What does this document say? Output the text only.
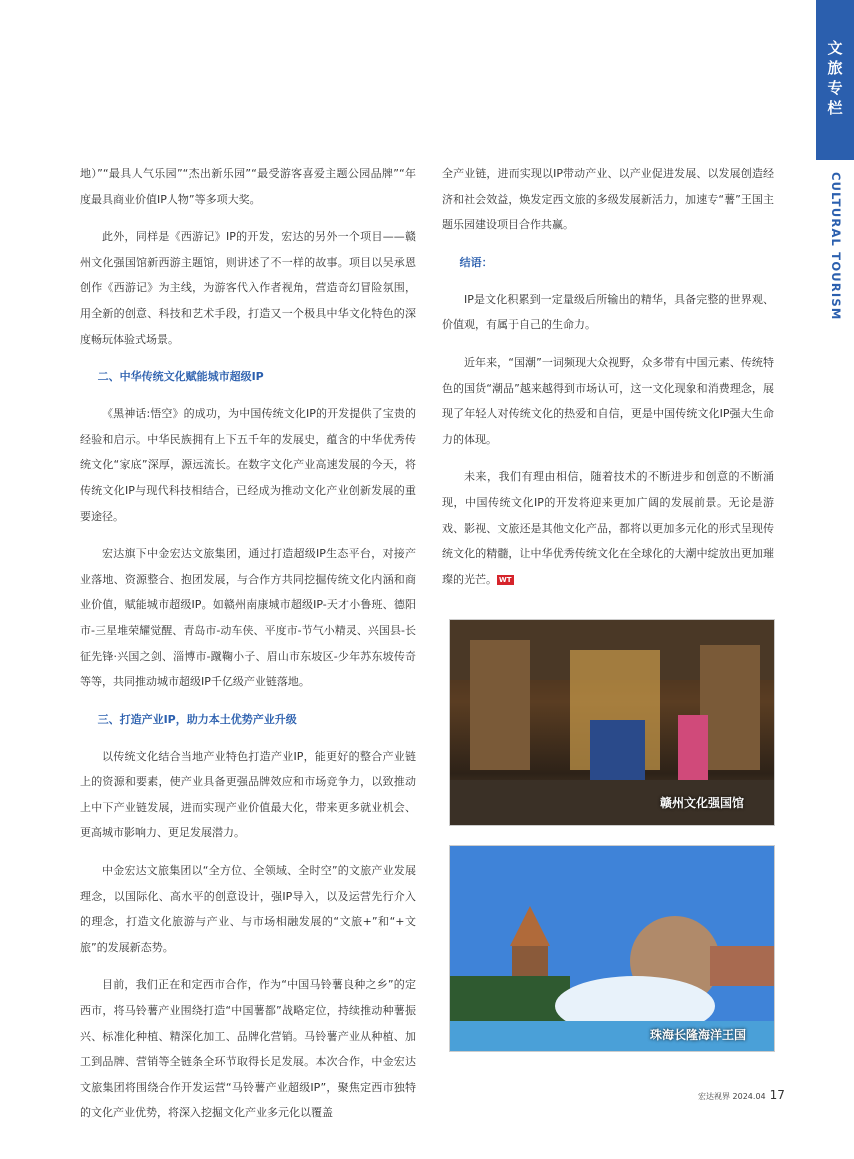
文
旅
专
栏
CULTURAL TOURISM

地）”“最具人气乐园”“杰出新乐园”“最受游客喜爱主题公园品牌”“年度最具商业价值IP人物”等多项大奖。

此外，同样是《西游记》IP的开发，宏达的另外一个项目——赣州文化强国馆新西游主题馆，则讲述了不一样的故事。项目以吴承恩创作《西游记》为主线，为游客代入作者视角，营造奇幻冒险氛围，用全新的创意、科技和艺术手段，打造又一个极具中华文化特色的深度畅玩体验式场景。

二、中华传统文化赋能城市超级IP

《黑神话:悟空》的成功，为中国传统文化IP的开发提供了宝贵的经验和启示。中华民族拥有上下五千年的发展史，蕴含的中华优秀传统文化“家底”深厚，源远流长。在数字文化产业高速发展的今天，将传统文化IP与现代科技相结合，已经成为推动文化产业创新发展的重要途径。

宏达旗下中金宏达文旅集团，通过打造超级IP生态平台，对接产业落地、资源整合、抱团发展，与合作方共同挖掘传统文化内涵和商业价值，赋能城市超级IP。如赣州南康城市超级IP-天才小鲁班、德阳市-三星堆荣耀觉醒、青岛市-动车侠、平度市-节气小精灵、兴国县-长征先锋·兴国之剑、淄博市-蹴鞠小子、眉山市东坡区-少年苏东坡传奇等等，共同推动城市超级IP千亿级产业链落地。

三、打造产业IP，助力本土优势产业升级

以传统文化结合当地产业特色打造产业IP，能更好的整合产业链上的资源和要素，使产业具备更强品牌效应和市场竞争力，以致推动上中下产业链发展，进而实现产业价值最大化，带来更多就业机会、更高城市影响力、更足发展潜力。

中金宏达文旅集团以“全方位、全领域、全时空”的文旅产业发展理念，以国际化、高水平的创意设计，强IP导入，以及运营先行介入的理念，打造文化旅游与产业、与市场相融发展的“文旅+”和“+文旅”的发展新态势。

目前，我们正在和定西市合作，作为“中国马铃薯良种之乡”的定西市，将马铃薯产业围绕打造“中国薯都”战略定位，持续推动种薯振兴、标准化种植、精深化加工、品牌化营销。马铃薯产业从种植、加工到品牌、营销等全链条全环节取得长足发展。本次合作，中金宏达文旅集团将围绕合作开发运营“马铃薯产业超级IP”，聚焦定西市独特的文化产业优势，将深入挖掘文化产业多元化以覆盖

全产业链，进而实现以IP带动产业、以产业促进发展、以发展创造经济和社会效益，焕发定西文旅的多级发展新活力，加速专“薯”王国主题乐园建设项目合作共赢。

结语：

IP是文化积累到一定量级后所输出的精华，具备完整的世界观、价值观，有属于自己的生命力。

近年来，“国潮”一词频现大众视野，众多带有中国元素、传统特色的国货“潮品”越来越得到市场认可，这一文化现象和消费理念，展现了年轻人对传统文化的热爱和自信，更是中国传统文化IP强大生命力的体现。

未来，我们有理由相信，随着技术的不断进步和创意的不断涌现，中国传统文化IP的开发将迎来更加广阔的发展前景。无论是游戏、影视、文旅还是其他文化产品，都将以更加多元化的形式呈现传统文化的精髓，让中华优秀传统文化在全球化的大潮中绽放出更加璀璨的光芒。 WT

赣州文化强国馆
珠海长隆海洋王国
宏达视界 2024.04 17
